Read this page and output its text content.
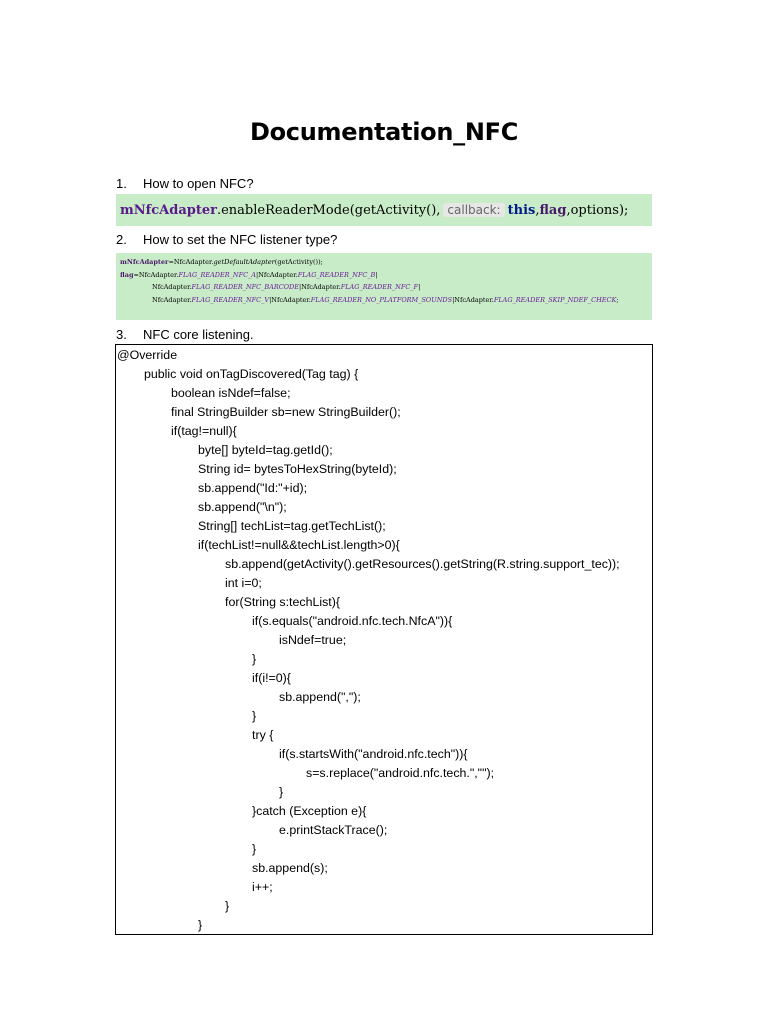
Documentation_NFC
1. How to open NFC?
mNfcAdapter .enableReaderMode(getActivity(), callback: this , flag ,options);
2. How to set the NFC listener type?
mNfcAdapter=NfcAdapter.getDefaultAdapter(getActivity());
flag=NfcAdapter.FLAG_READER_NFC_A|NfcAdapter.FLAG_READER_NFC_B|
NfcAdapter.FLAG_READER_NFC_BARCODE|NfcAdapter.FLAG_READER_NFC_F|
NfcAdapter.FLAG_READER_NFC_V|NfcAdapter.FLAG_READER_NO_PLATFORM_SOUNDS|NfcAdapter.FLAG_READER_SKIP_NDEF_CHECK;
3. NFC core listening.
@Override
public void onTagDiscovered(Tag tag) {
boolean isNdef=false;
final StringBuilder sb=new StringBuilder();
if(tag!=null){
byte[] byteId=tag.getId();
String id= bytesToHexString(byteId);
sb.append("Id:"+id);
sb.append("\n");
String[] techList=tag.getTechList();
if(techList!=null&&techList.length>0){
sb.append(getActivity().getResources().getString(R.string.support_tec));
int i=0;
for(String s:techList){
if(s.equals("android.nfc.tech.NfcA")){
isNdef=true;
}
if(i!=0){
sb.append(",");
}
try {
if(s.startsWith("android.nfc.tech")){
s=s.replace("android.nfc.tech.","");
}
}catch (Exception e){
e.printStackTrace();
}
sb.append(s);
i++;
}
}
